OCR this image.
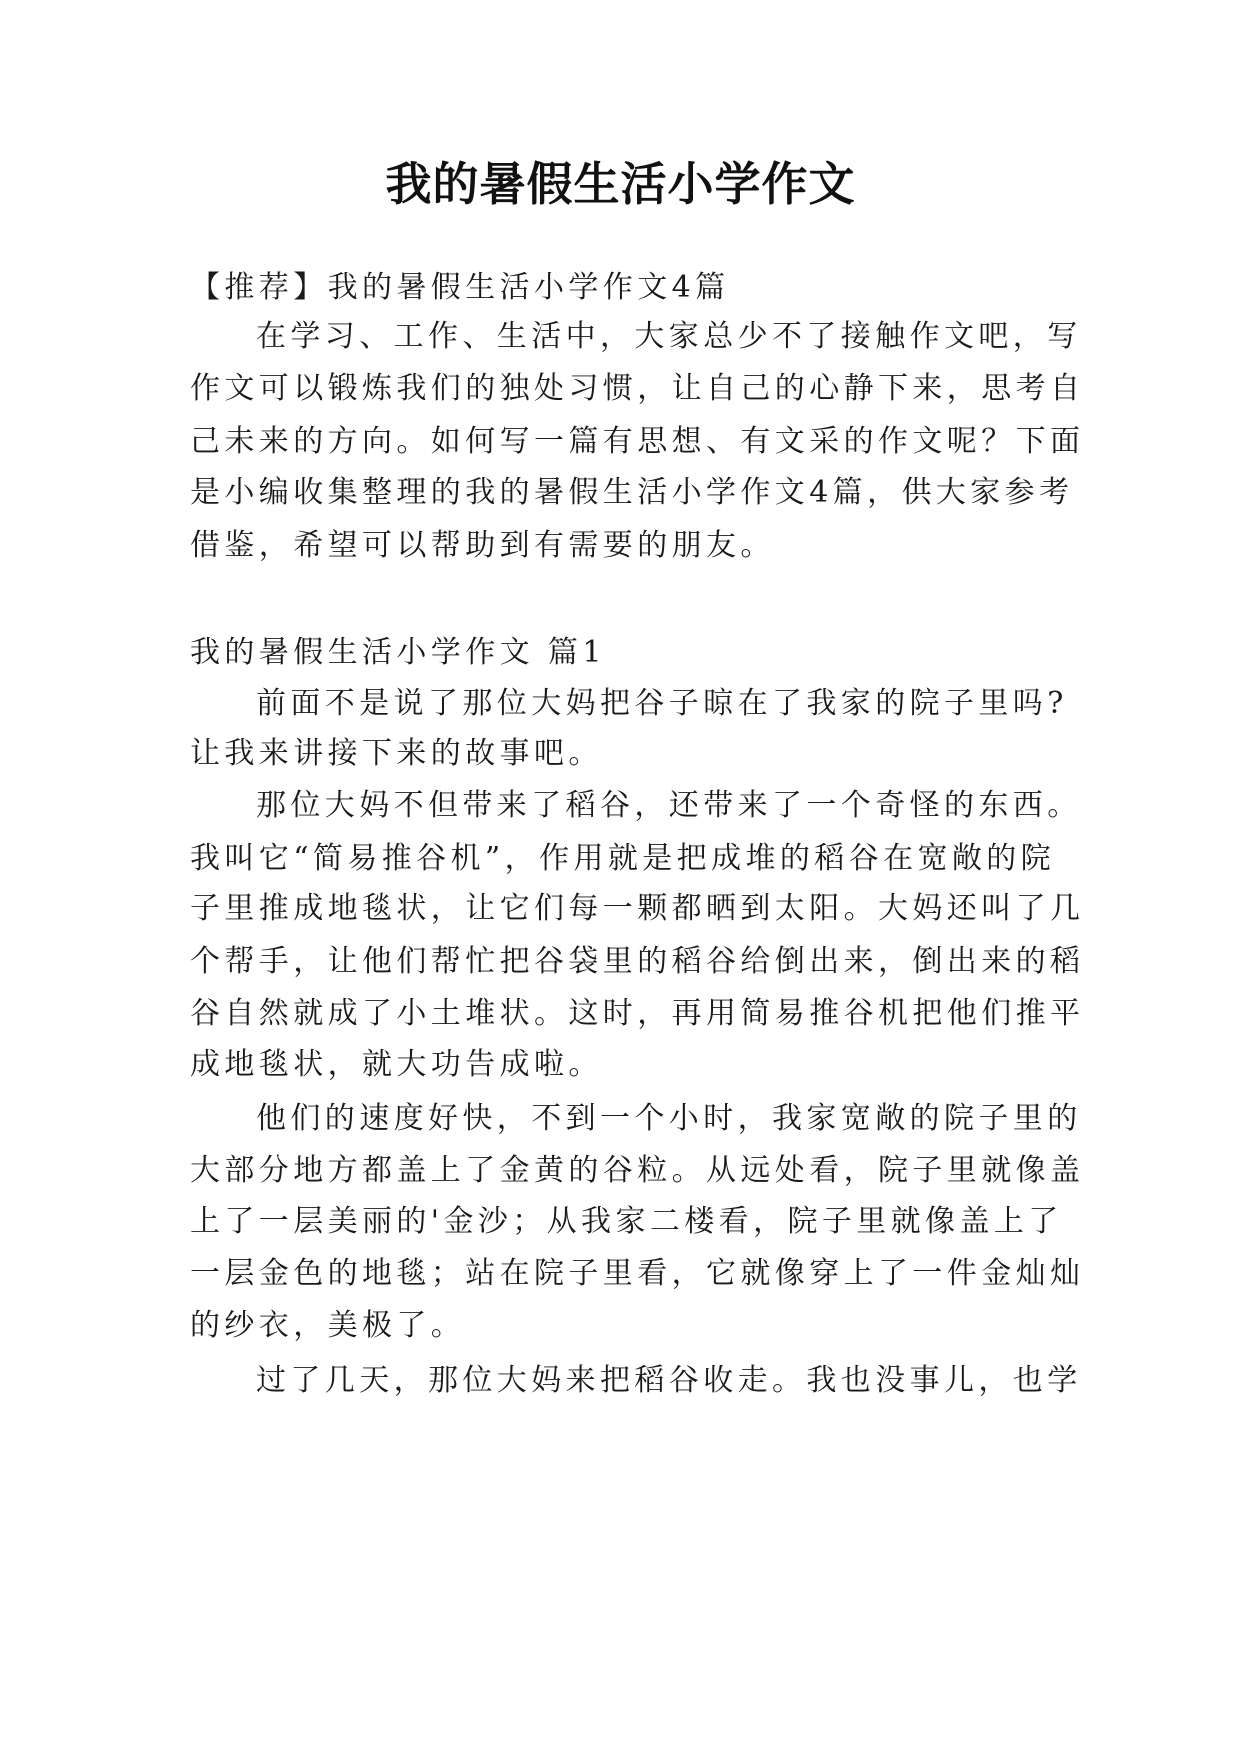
我的暑假生活小学作文
【推荐】我的暑假生活小学作文4篇
在学习、工作、生活中，大家总少不了接触作文吧，写
作文可以锻炼我们的独处习惯，让自己的心静下来，思考自
己未来的方向。如何写一篇有思想、有文采的作文呢？下面
是小编收集整理的我的暑假生活小学作文4篇，供大家参考
借鉴，希望可以帮助到有需要的朋友。
我的暑假生活小学作文 篇1
前面不是说了那位大妈把谷子晾在了我家的院子里吗?
让我来讲接下来的故事吧。
那位大妈不但带来了稻谷，还带来了一个奇怪的东西。
我叫它“简易推谷机”，作用就是把成堆的稻谷在宽敞的院
子里推成地毯状，让它们每一颗都晒到太阳。大妈还叫了几
个帮手，让他们帮忙把谷袋里的稻谷给倒出来，倒出来的稻
谷自然就成了小土堆状。这时，再用简易推谷机把他们推平
成地毯状，就大功告成啦。
他们的速度好快，不到一个小时，我家宽敞的院子里的
大部分地方都盖上了金黄的谷粒。从远处看，院子里就像盖
上了一层美丽的'金沙；从我家二楼看，院子里就像盖上了
一层金色的地毯；站在院子里看，它就像穿上了一件金灿灿
的纱衣，美极了。
过了几天，那位大妈来把稻谷收走。我也没事儿，也学
